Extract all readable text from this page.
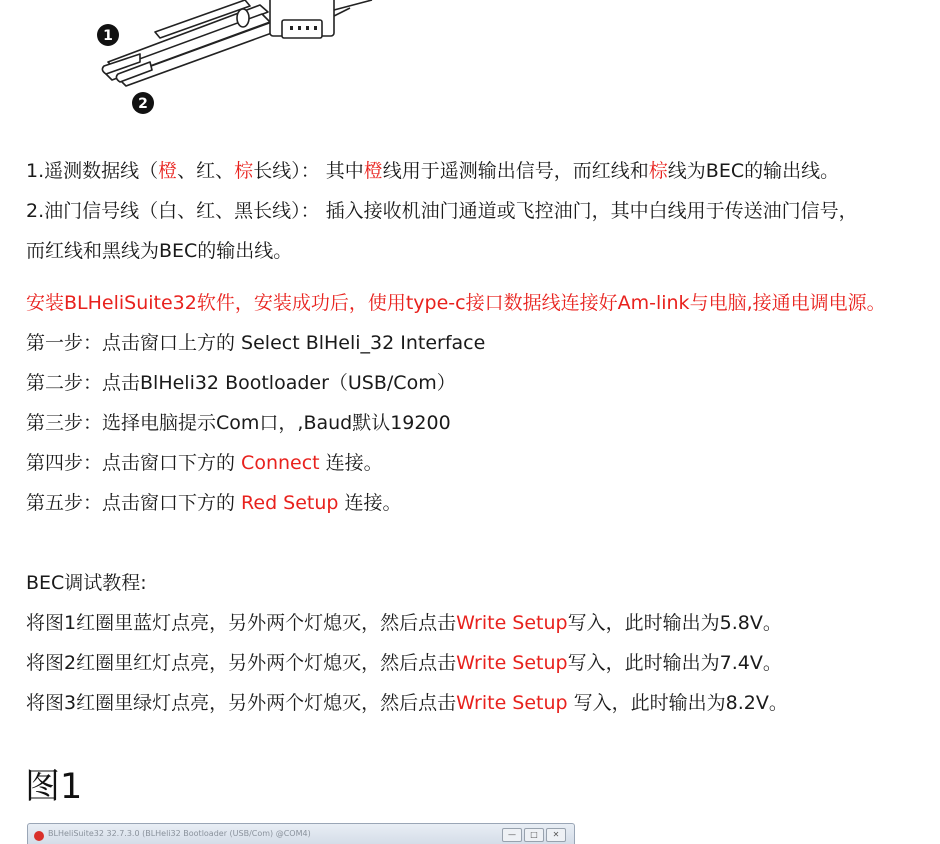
1
2
1.遥测数据线（橙、红、棕长线）： 其中橙线用于遥测输出信号，而红线和棕线为BEC的输出线。
2.油门信号线（白、红、黑长线）： 插入接收机油门通道或飞控油门，其中白线用于传送油门信号，
而红线和黑线为BEC的输出线。
安装BLHeliSuite32软件，安装成功后，使用type-c接口数据线连接好Am-link与电脑,接通电调电源。
第一步：点击窗口上方的 Select BlHeli_32 Interface
第二步：点击BlHeli32 Bootloader（USB/Com）
第三步：选择电脑提示Com口，,Baud默认19200
第四步：点击窗口下方的 Connect 连接。
第五步：点击窗口下方的 Red Setup 连接。
BEC调试教程:
将图1红圈里蓝灯点亮，另外两个灯熄灭，然后点击Write Setup写入，此时输出为5.8V。
将图2红圈里红灯点亮，另外两个灯熄灭，然后点击Write Setup写入，此时输出为7.4V。
将图3红圈里绿灯点亮，另外两个灯熄灭，然后点击Write Setup 写入，此时输出为8.2V。
图1
BLHeliSuite32 32.7.3.0 (BLHeli32 Bootloader (USB/Com) @COM4)	—	□	✕
